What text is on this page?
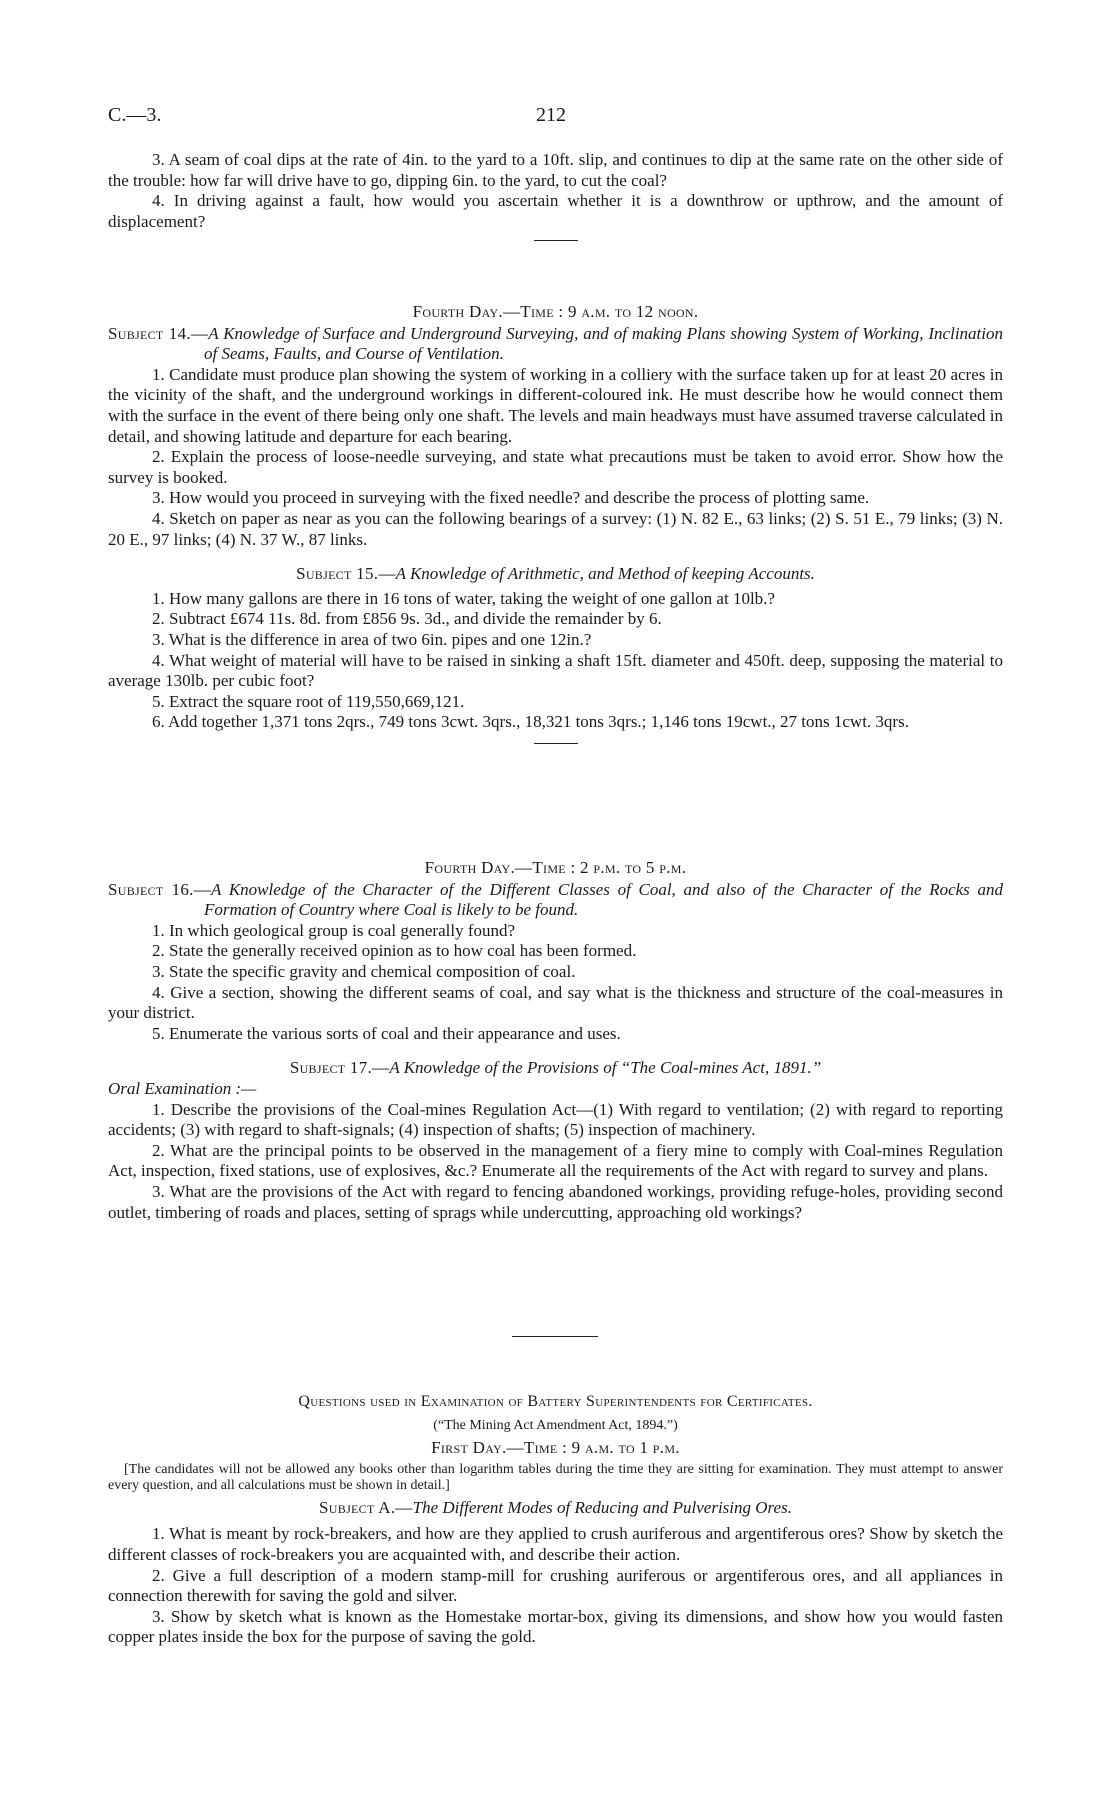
C.—3.	212

3. A seam of coal dips at the rate of 4in. to the yard to a 10ft. slip, and continues to dip at the same rate on the other side of the trouble: how far will drive have to go, dipping 6in. to the yard, to cut the coal?

4. In driving against a fault, how would you ascertain whether it is a downthrow or upthrow, and the amount of displacement?

Fourth Day.—Time : 9 a.m. to 12 noon.

Subject 14.—A Knowledge of Surface and Underground Surveying, and of making Plans showing System of Working, Inclination of Seams, Faults, and Course of Ventilation.

1. Candidate must produce plan showing the system of working in a colliery with the surface taken up for at least 20 acres in the vicinity of the shaft, and the underground workings in different-coloured ink. He must describe how he would connect them with the surface in the event of there being only one shaft. The levels and main headways must have assumed traverse calculated in detail, and showing latitude and departure for each bearing.

2. Explain the process of loose-needle surveying, and state what precautions must be taken to avoid error. Show how the survey is booked.

3. How would you proceed in surveying with the fixed needle? and describe the process of plotting same.

4. Sketch on paper as near as you can the following bearings of a survey: (1) N. 82 E., 63 links; (2) S. 51 E., 79 links; (3) N. 20 E., 97 links; (4) N. 37 W., 87 links.

Subject 15.—A Knowledge of Arithmetic, and Method of keeping Accounts.

1. How many gallons are there in 16 tons of water, taking the weight of one gallon at 10lb.?

2. Subtract £674 11s. 8d. from £856 9s. 3d., and divide the remainder by 6.

3. What is the difference in area of two 6in. pipes and one 12in.?

4. What weight of material will have to be raised in sinking a shaft 15ft. diameter and 450ft. deep, supposing the material to average 130lb. per cubic foot?

5. Extract the square root of 119,550,669,121.

6. Add together 1,371 tons 2qrs., 749 tons 3cwt. 3qrs., 18,321 tons 3qrs.; 1,146 tons 19cwt., 27 tons 1cwt. 3qrs.

Fourth Day.—Time : 2 p.m. to 5 p.m.

Subject 16.—A Knowledge of the Character of the Different Classes of Coal, and also of the Character of the Rocks and Formation of Country where Coal is likely to be found.

1. In which geological group is coal generally found?

2. State the generally received opinion as to how coal has been formed.

3. State the specific gravity and chemical composition of coal.

4. Give a section, showing the different seams of coal, and say what is the thickness and structure of the coal-measures in your district.

5. Enumerate the various sorts of coal and their appearance and uses.

Subject 17.—A Knowledge of the Provisions of “The Coal-mines Act, 1891.”

Oral Examination :—

1. Describe the provisions of the Coal-mines Regulation Act—(1) With regard to ventilation; (2) with regard to reporting accidents; (3) with regard to shaft-signals; (4) inspection of shafts; (5) inspection of machinery.

2. What are the principal points to be observed in the management of a fiery mine to comply with Coal-mines Regulation Act, inspection, fixed stations, use of explosives, &c.? Enumerate all the requirements of the Act with regard to survey and plans.

3. What are the provisions of the Act with regard to fencing abandoned workings, providing refuge-holes, providing second outlet, timbering of roads and places, setting of sprags while undercutting, approaching old workings?

Questions used in Examination of Battery Superintendents for Certificates.

(“The Mining Act Amendment Act, 1894.”)

First Day.—Time : 9 a.m. to 1 p.m.

[The candidates will not be allowed any books other than logarithm tables during the time they are sitting for examination. They must attempt to answer every question, and all calculations must be shown in detail.]

Subject A.—The Different Modes of Reducing and Pulverising Ores.

1. What is meant by rock-breakers, and how are they applied to crush auriferous and argentiferous ores? Show by sketch the different classes of rock-breakers you are acquainted with, and describe their action.

2. Give a full description of a modern stamp-mill for crushing auriferous or argentiferous ores, and all appliances in connection therewith for saving the gold and silver.

3. Show by sketch what is known as the Homestake mortar-box, giving its dimensions, and show how you would fasten copper plates inside the box for the purpose of saving the gold.
